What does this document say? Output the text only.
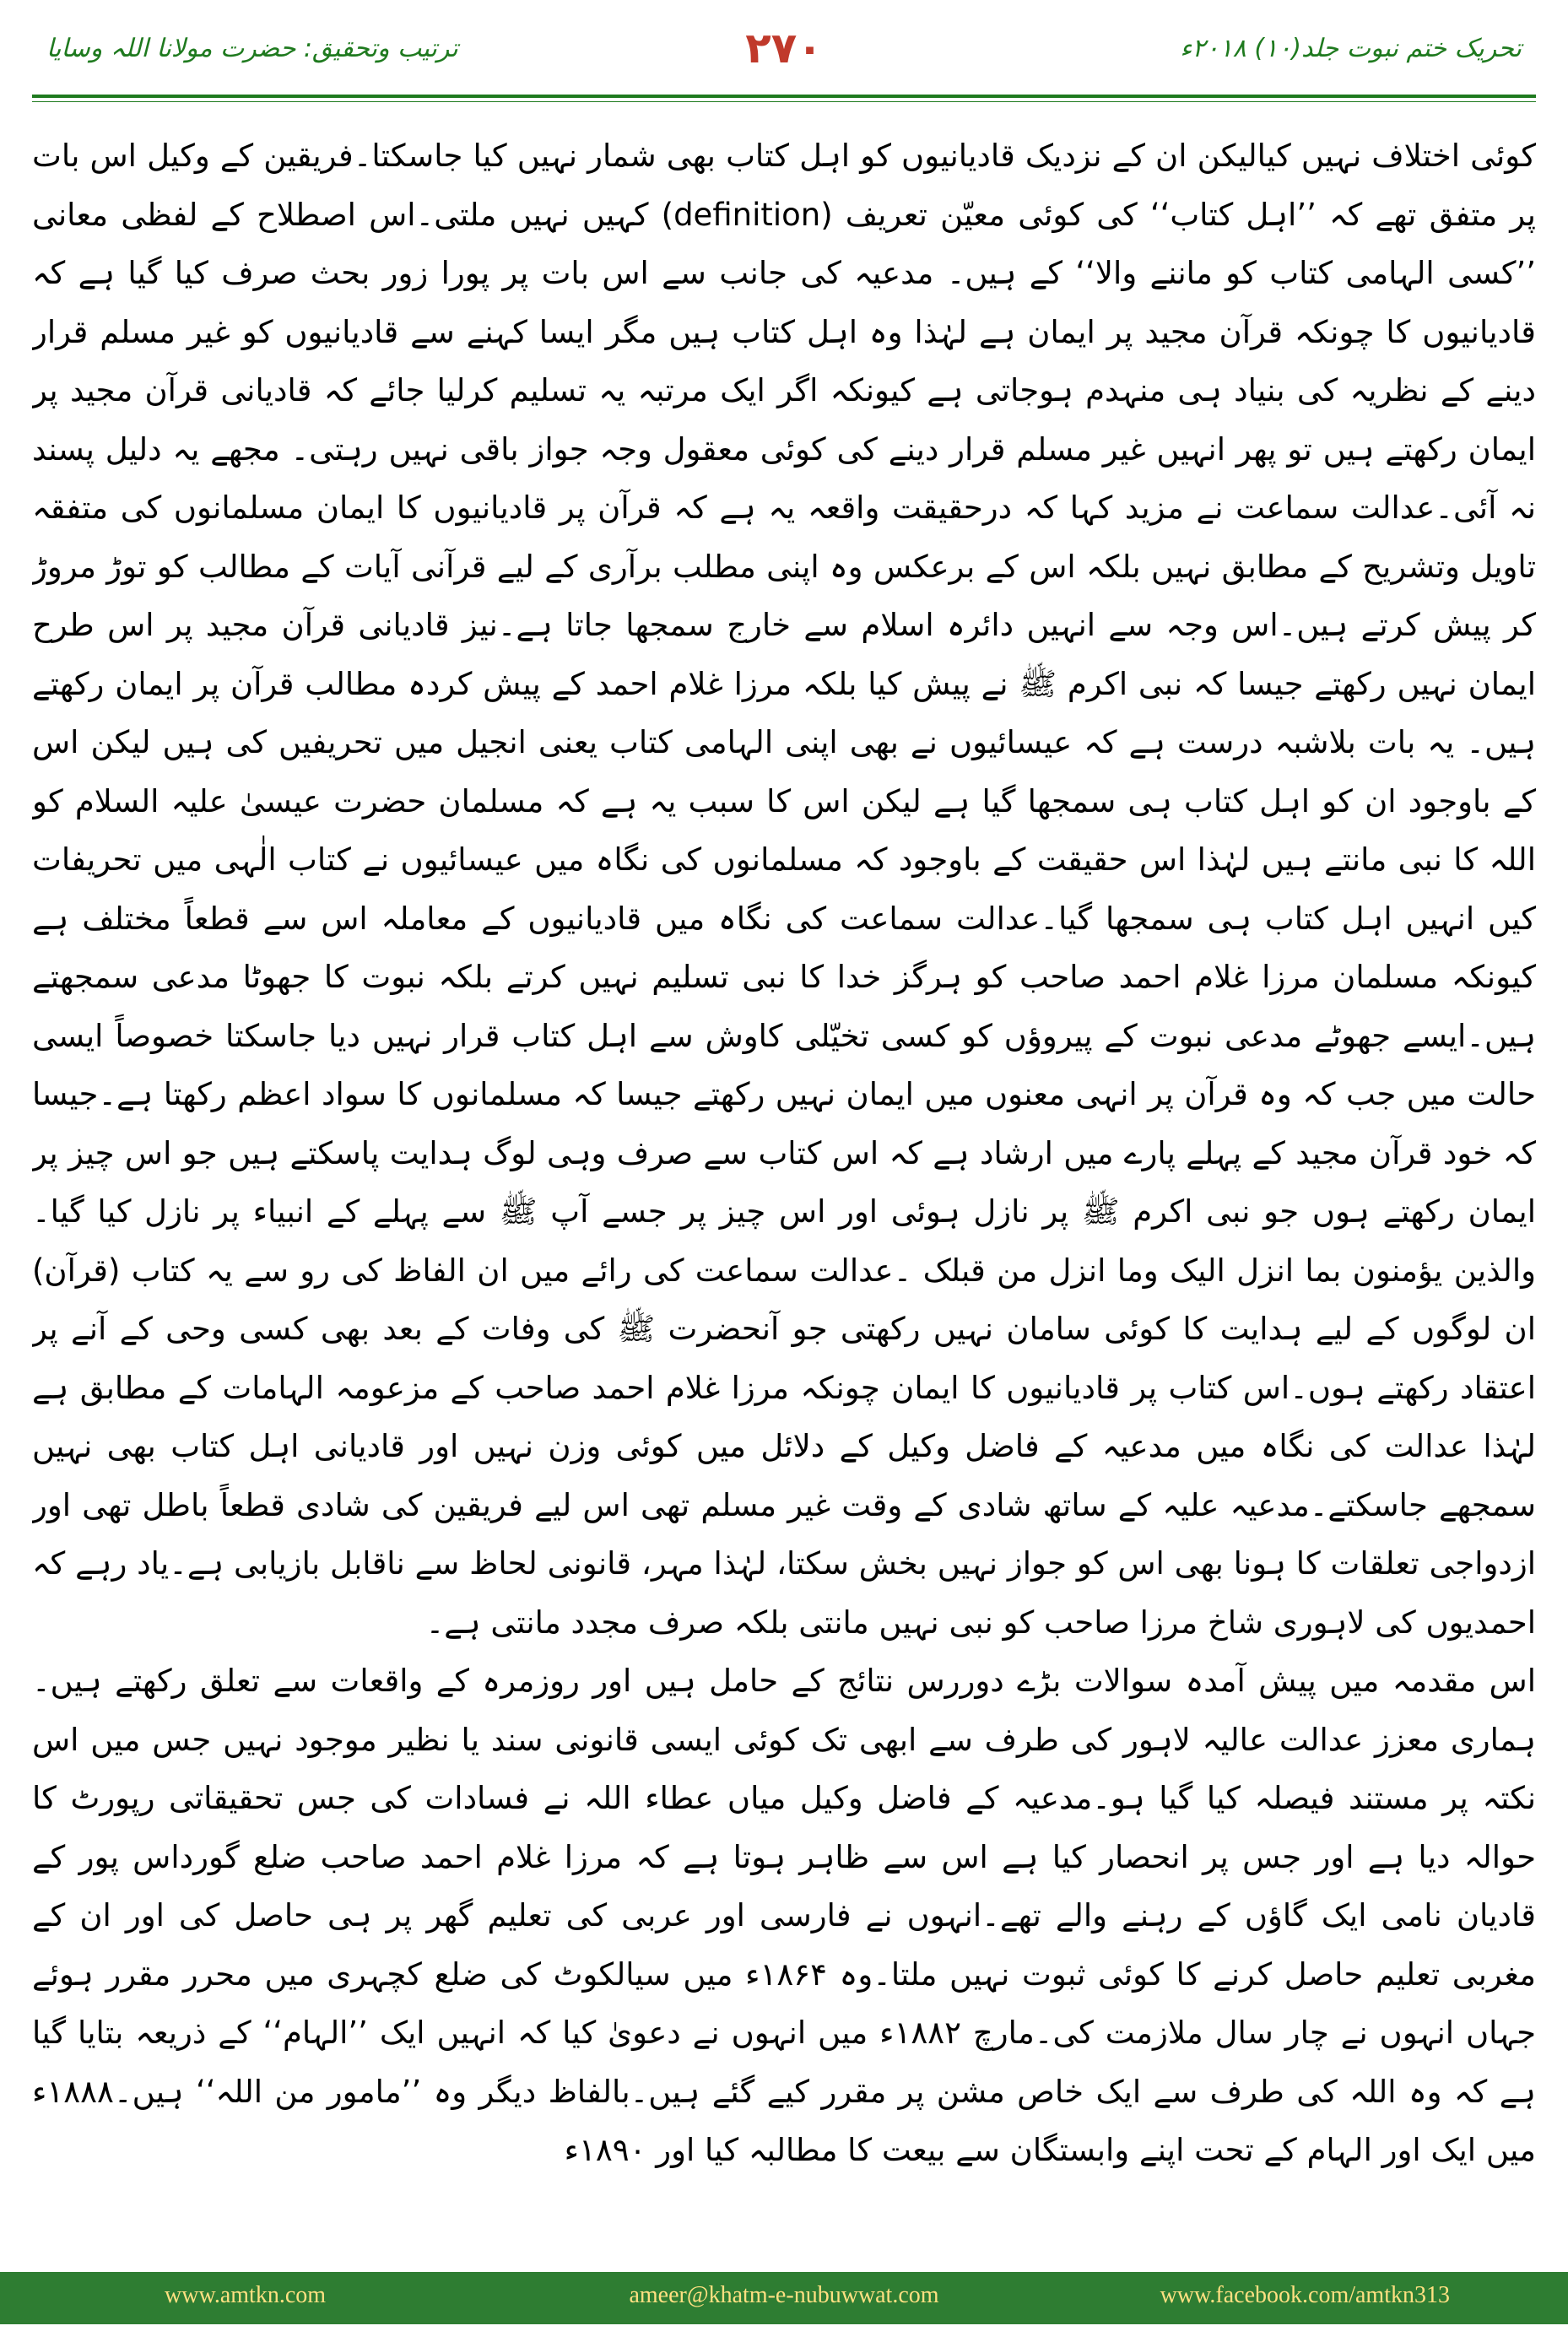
ترتیب وتحقیق: حضرت مولانا اللہ وسایا	۲۷۰	تحریک ختم نبوت جلد(۱۰) ۲۰۱۸ء

کوئی اختلاف نہیں کیالیکن ان کے نزدیک قادیانیوں کو اہل کتاب بھی شمار نہیں کیا جاسکتا۔فریقین کے وکیل اس بات پر متفق تھے کہ ’’اہل کتاب‘‘ کی کوئی معیّن تعریف (definition) کہیں نہیں ملتی۔اس اصطلاح کے لفظی معانی ’’کسی الہامی کتاب کو ماننے والا‘‘ کے ہیں۔ مدعیہ کی جانب سے اس بات پر پورا زور بحث صرف کیا گیا ہے کہ قادیانیوں کا چونکہ قرآن مجید پر ایمان ہے لہٰذا وہ اہل کتاب ہیں مگر ایسا کہنے سے قادیانیوں کو غیر مسلم قرار دینے کے نظریہ کی بنیاد ہی منہدم ہوجاتی ہے کیونکہ اگر ایک مرتبہ یہ تسلیم کرلیا جائے کہ قادیانی قرآن مجید پر ایمان رکھتے ہیں تو پھر انہیں غیر مسلم قرار دینے کی کوئی معقول وجہ جواز باقی نہیں رہتی۔ مجھے یہ دلیل پسند نہ آئی۔عدالت سماعت نے مزید کہا کہ درحقیقت واقعہ یہ ہے کہ قرآن پر قادیانیوں کا ایمان مسلمانوں کی متفقہ تاویل وتشریح کے مطابق نہیں بلکہ اس کے برعکس وہ اپنی مطلب برآری کے لیے قرآنی آیات کے مطالب کو توڑ مروڑ کر پیش کرتے ہیں۔اس وجہ سے انہیں دائرہ اسلام سے خارج سمجھا جاتا ہے۔نیز قادیانی قرآن مجید پر اس طرح ایمان نہیں رکھتے جیسا کہ نبی اکرم ﷺ نے پیش کیا بلکہ مرزا غلام احمد کے پیش کردہ مطالب قرآن پر ایمان رکھتے ہیں۔ یہ بات بلاشبہ درست ہے کہ عیسائیوں نے بھی اپنی الہامی کتاب یعنی انجیل میں تحریفیں کی ہیں لیکن اس کے باوجود ان کو اہل کتاب ہی سمجھا گیا ہے لیکن اس کا سبب یہ ہے کہ مسلمان حضرت عیسیٰ علیہ السلام کو اللہ کا نبی مانتے ہیں لہٰذا اس حقیقت کے باوجود کہ مسلمانوں کی نگاہ میں عیسائیوں نے کتاب الٰہی میں تحریفات کیں انہیں اہل کتاب ہی سمجھا گیا۔عدالت سماعت کی نگاہ میں قادیانیوں کے معاملہ اس سے قطعاً مختلف ہے کیونکہ مسلمان مرزا غلام احمد صاحب کو ہرگز خدا کا نبی تسلیم نہیں کرتے بلکہ نبوت کا جھوٹا مدعی سمجھتے ہیں۔ایسے جھوٹے مدعی نبوت کے پیروؤں کو کسی تخیّلی کاوش سے اہل کتاب قرار نہیں دیا جاسکتا خصوصاً ایسی حالت میں جب کہ وہ قرآن پر انہی معنوں میں ایمان نہیں رکھتے جیسا کہ مسلمانوں کا سواد اعظم رکھتا ہے۔جیسا کہ خود قرآن مجید کے پہلے پارے میں ارشاد ہے کہ اس کتاب سے صرف وہی لوگ ہدایت پاسکتے ہیں جو اس چیز پر ایمان رکھتے ہوں جو نبی اکرم ﷺ پر نازل ہوئی اور اس چیز پر جسے آپ ﷺ سے پہلے کے انبیاء پر نازل کیا گیا۔ والذین یؤمنون بما انزل الیک وما انزل من قبلک ۔عدالت سماعت کی رائے میں ان الفاظ کی رو سے یہ کتاب (قرآن) ان لوگوں کے لیے ہدایت کا کوئی سامان نہیں رکھتی جو آنحضرت ﷺ کی وفات کے بعد بھی کسی وحی کے آنے پر اعتقاد رکھتے ہوں۔اس کتاب پر قادیانیوں کا ایمان چونکہ مرزا غلام احمد صاحب کے مزعومہ الہامات کے مطابق ہے لہٰذا عدالت کی نگاہ میں مدعیہ کے فاضل وکیل کے دلائل میں کوئی وزن نہیں اور قادیانی اہل کتاب بھی نہیں سمجھے جاسکتے۔مدعیہ علیہ کے ساتھ شادی کے وقت غیر مسلم تھی اس لیے فریقین کی شادی قطعاً باطل تھی اور ازدواجی تعلقات کا ہونا بھی اس کو جواز نہیں بخش سکتا، لہٰذا مہر، قانونی لحاظ سے ناقابل بازیابی ہے۔یاد رہے کہ احمدیوں کی لاہوری شاخ مرزا صاحب کو نبی نہیں مانتی بلکہ صرف مجدد مانتی ہے۔

اس مقدمہ میں پیش آمدہ سوالات بڑے دوررس نتائج کے حامل ہیں اور روزمرہ کے واقعات سے تعلق رکھتے ہیں۔ہماری معزز عدالت عالیہ لاہور کی طرف سے ابھی تک کوئی ایسی قانونی سند یا نظیر موجود نہیں جس میں اس نکتہ پر مستند فیصلہ کیا گیا ہو۔مدعیہ کے فاضل وکیل میاں عطاء اللہ نے فسادات کی جس تحقیقاتی رپورٹ کا حوالہ دیا ہے اور جس پر انحصار کیا ہے اس سے ظاہر ہوتا ہے کہ مرزا غلام احمد صاحب ضلع گورداس پور کے قادیان نامی ایک گاؤں کے رہنے والے تھے۔انہوں نے فارسی اور عربی کی تعلیم گھر پر ہی حاصل کی اور ان کے مغربی تعلیم حاصل کرنے کا کوئی ثبوت نہیں ملتا۔وہ ۱۸۶۴ء میں سیالکوٹ کی ضلع کچہری میں محرر مقرر ہوئے جہاں انہوں نے چار سال ملازمت کی۔مارچ ۱۸۸۲ء میں انہوں نے دعویٰ کیا کہ انہیں ایک ’’الہام‘‘ کے ذریعہ بتایا گیا ہے کہ وہ اللہ کی طرف سے ایک خاص مشن پر مقرر کیے گئے ہیں۔بالفاظ دیگر وہ ’’مامور من اللہ‘‘ ہیں۔۱۸۸۸ء میں ایک اور الہام کے تحت اپنے وابستگان سے بیعت کا مطالبہ کیا اور ۱۸۹۰ء

www.amtkn.com	ameer@khatm-e-nubuwwat.com	www.facebook.com/amtkn313
